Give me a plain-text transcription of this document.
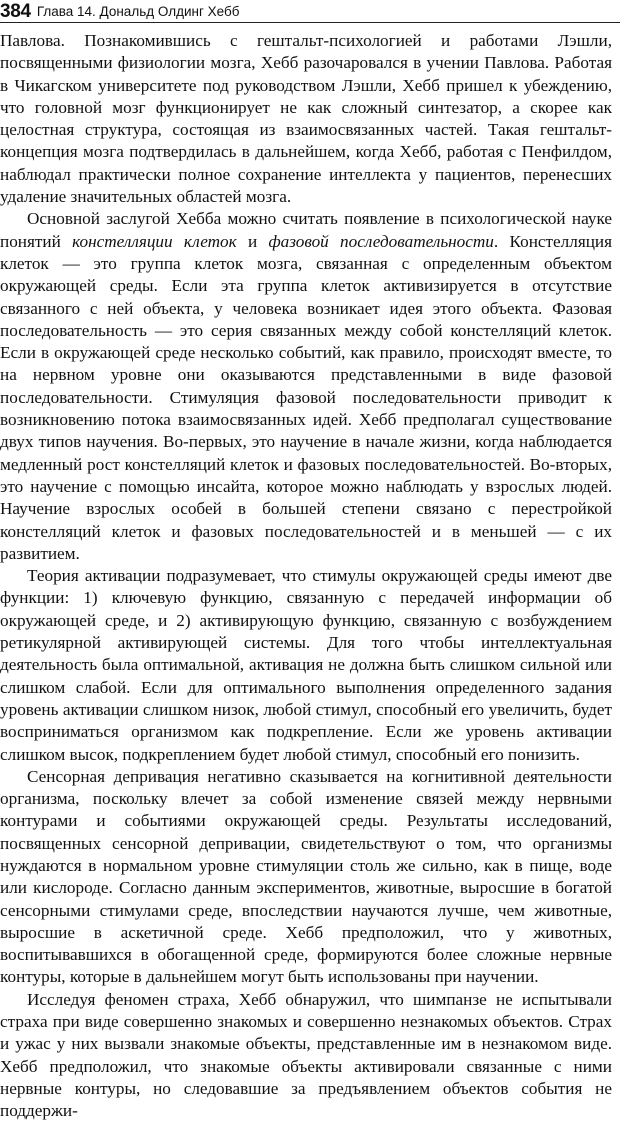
384 Глава 14. Дональд Олдинг Хебб

Павлова. Познакомившись с гештальт-психологией и работами Лэшли, посвященными физиологии мозга, Хебб разочаровался в учении Павлова. Работая в Чикагском университете под руководством Лэшли, Хебб пришел к убеждению, что головной мозг функционирует не как сложный синтезатор, а скорее как целостная структура, состоящая из взаимосвязанных частей. Такая гештальт-концепция мозга подтвердилась в дальнейшем, когда Хебб, работая с Пенфилдом, наблюдал практически полное сохранение интеллекта у пациентов, перенесших удаление значительных областей мозга.

Основной заслугой Хебба можно считать появление в психологической науке понятий констелляции клеток и фазовой последовательности. Констелляция клеток — это группа клеток мозга, связанная с определенным объектом окружающей среды. Если эта группа клеток активизируется в отсутствие связанного с ней объекта, у человека возникает идея этого объекта. Фазовая последовательность — это серия связанных между собой констелляций клеток. Если в окружающей среде несколько событий, как правило, происходят вместе, то на нервном уровне они оказываются представленными в виде фазовой последовательности. Стимуляция фазовой последовательности приводит к возникновению потока взаимосвязанных идей. Хебб предполагал существование двух типов научения. Во-первых, это научение в начале жизни, когда наблюдается медленный рост констелляций клеток и фазовых последовательностей. Во-вторых, это научение с помощью инсайта, которое можно наблюдать у взрослых людей. Научение взрослых особей в большей степени связано с перестройкой констелляций клеток и фазовых последовательностей и в меньшей — с их развитием.

Теория активации подразумевает, что стимулы окружающей среды имеют две функции: 1) ключевую функцию, связанную с передачей информации об окружающей среде, и 2) активирующую функцию, связанную с возбуждением ретикулярной активирующей системы. Для того чтобы интеллектуальная деятельность была оптимальной, активация не должна быть слишком сильной или слишком слабой. Если для оптимального выполнения определенного задания уровень активации слишком низок, любой стимул, способный его увеличить, будет восприниматься организмом как подкрепление. Если же уровень активации слишком высок, подкреплением будет любой стимул, способный его понизить.

Сенсорная депривация негативно сказывается на когнитивной деятельности организма, поскольку влечет за собой изменение связей между нервными контурами и событиями окружающей среды. Результаты исследований, посвященных сенсорной депривации, свидетельствуют о том, что организмы нуждаются в нормальном уровне стимуляции столь же сильно, как в пище, воде или кислороде. Согласно данным экспериментов, животные, выросшие в богатой сенсорными стимулами среде, впоследствии научаются лучше, чем животные, выросшие в аскетичной среде. Хебб предположил, что у животных, воспитывавшихся в обогащенной среде, формируются более сложные нервные контуры, которые в дальнейшем могут быть использованы при научении.

Исследуя феномен страха, Хебб обнаружил, что шимпанзе не испытывали страха при виде совершенно знакомых и совершенно незнакомых объектов. Страх и ужас у них вызвали знакомые объекты, представленные им в незнакомом виде. Хебб предположил, что знакомые объекты активировали связанные с ними нервные контуры, но следовавшие за предъявлением объектов события не поддержи-
